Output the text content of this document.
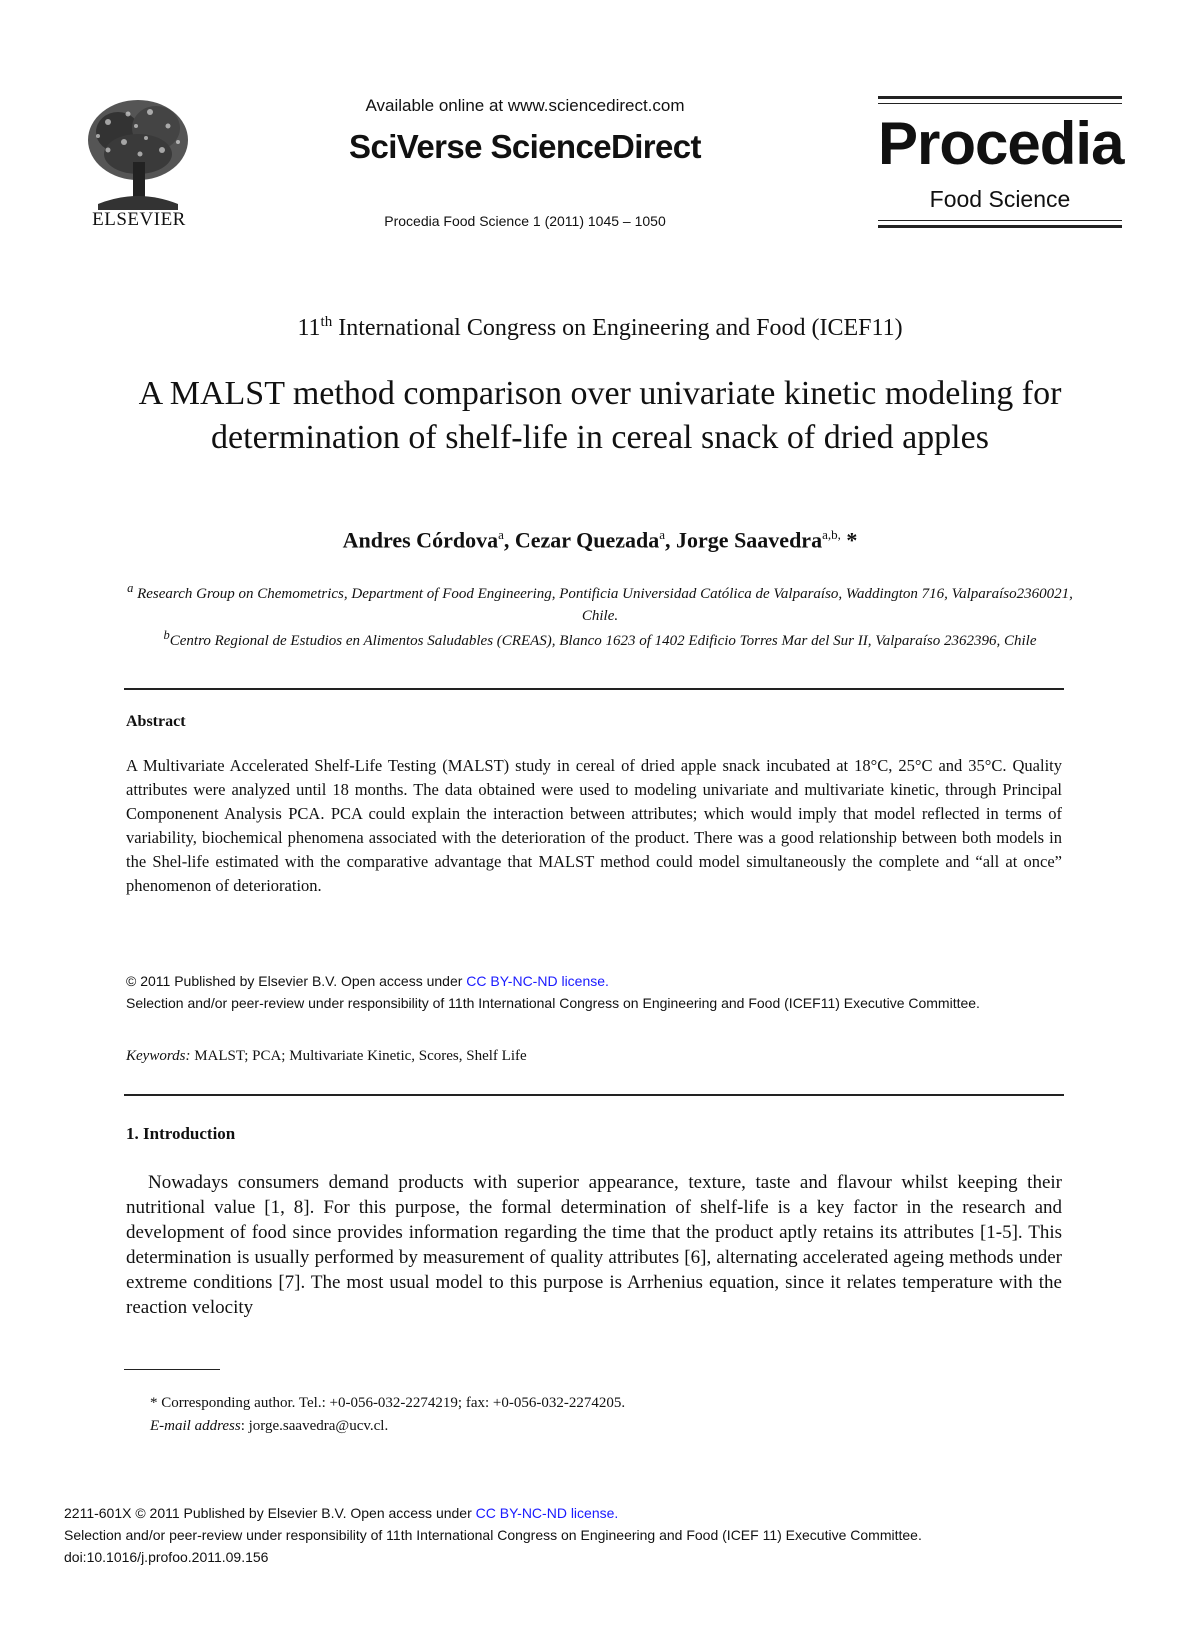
ELSEVIER
Available online at www.sciencedirect.com
SciVerse ScienceDirect
Procedia Food Science 1 (2011) 1045 – 1050
Procedia
Food Science
11th International Congress on Engineering and Food (ICEF11)
A MALST method comparison over univariate kinetic modeling for determination of shelf-life in cereal snack of dried apples
Andres Córdova$^a$, Cezar Quezada$^a$, Jorge Saavedra$^{a,b,}$ *
$^a$ Research Group on Chemometrics, Department of Food Engineering, Pontificia Universidad Católica de Valparaíso, Waddington 716, Valparaíso2360021, Chile.
$^b$Centro Regional de Estudios en Alimentos Saludables (CREAS), Blanco 1623 of 1402 Edificio Torres Mar del Sur II, Valparaíso 2362396, Chile
Abstract
A Multivariate Accelerated Shelf-Life Testing (MALST) study in cereal of dried apple snack incubated at 18°C, 25°C and 35°C. Quality attributes were analyzed until 18 months. The data obtained were used to modeling univariate and multivariate kinetic, through Principal Componenent Analysis PCA. PCA could explain the interaction between attributes; which would imply that model reflected in terms of variability, biochemical phenomena associated with the deterioration of the product. There was a good relationship between both models in the Shel-life estimated with the comparative advantage that MALST method could model simultaneously the complete and “all at once” phenomenon of deterioration.
© 2011 Published by Elsevier B.V. Open access under CC BY-NC-ND license.
Selection and/or peer-review under responsibility of 11th International Congress on Engineering and Food (ICEF11) Executive Committee.
Keywords: MALST; PCA; Multivariate Kinetic, Scores, Shelf Life
1. Introduction
Nowadays consumers demand products with superior appearance, texture, taste and flavour whilst keeping their nutritional value [1, 8]. For this purpose, the formal determination of shelf-life is a key factor in the research and development of food since provides information regarding the time that the product aptly retains its attributes [1-5]. This determination is usually performed by measurement of quality attributes [6], alternating accelerated ageing methods under extreme conditions [7]. The most usual model to this purpose is Arrhenius equation, since it relates temperature with the reaction velocity
* Corresponding author. Tel.: +0-056-032-2274219; fax: +0-056-032-2274205.
E-mail address: jorge.saavedra@ucv.cl.
2211-601X © 2011 Published by Elsevier B.V. Open access under CC BY-NC-ND license.
Selection and/or peer-review under responsibility of 11th International Congress on Engineering and Food (ICEF 11) Executive Committee.
doi:10.1016/j.profoo.2011.09.156
